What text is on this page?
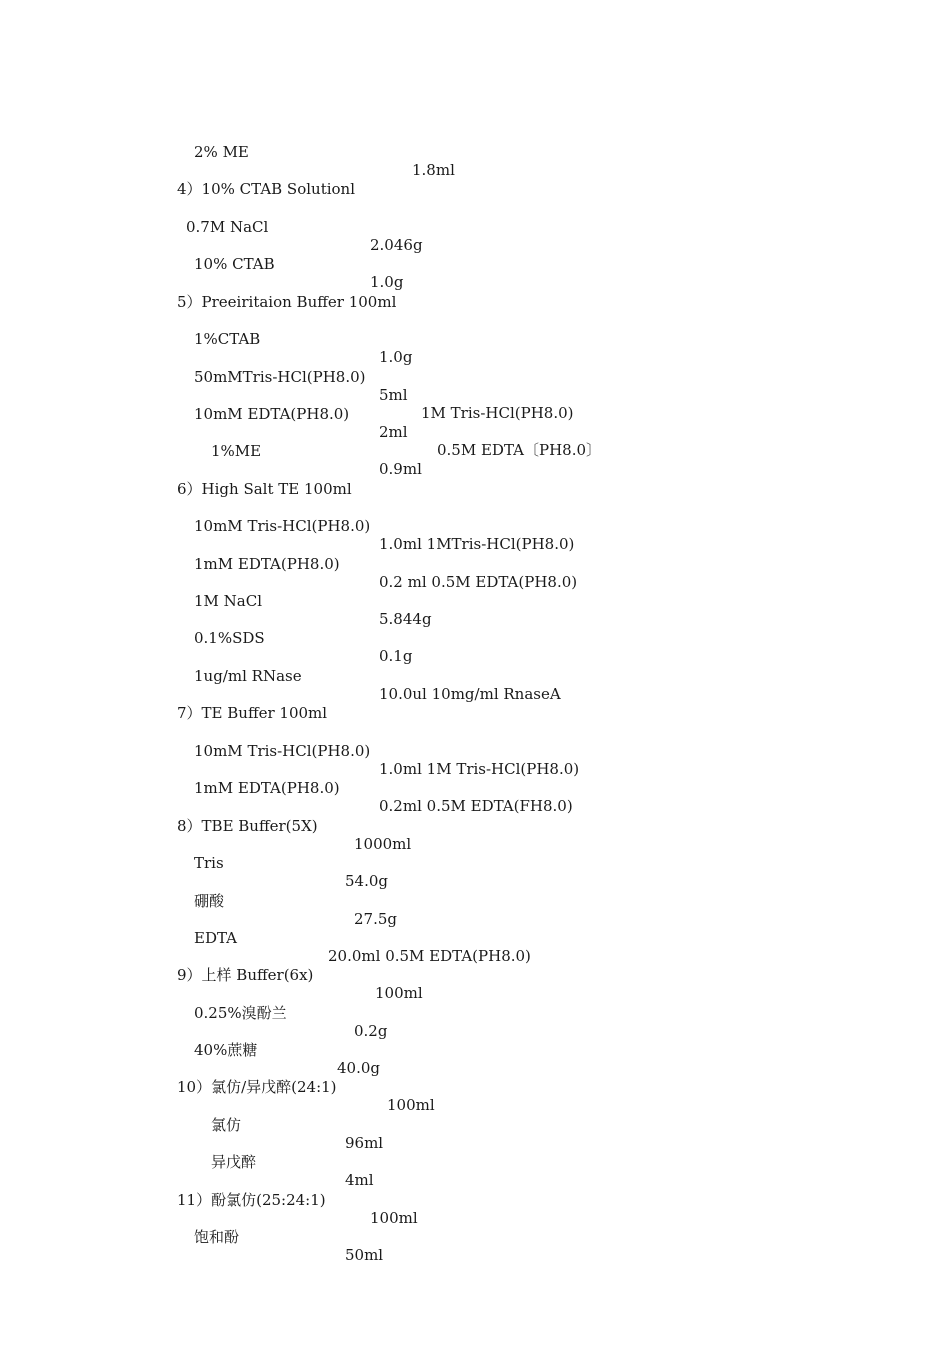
2% ME

1.8ml

4）10% CTAB Solutionl

0.7M NaCl

2.046g

10% CTAB

1.0g

5）Preeiritaion Buffer 100ml

1%CTAB

1.0g

50mMTris-HCl(PH8.0)

5ml

1M Tris-HCl(PH8.0)

10mM EDTA(PH8.0)

2ml

0.5M EDTA〔PH8.0〕

1%ME

0.9ml

6）High Salt TE 100ml

10mM Tris-HCl(PH8.0)

1.0ml 1MTris-HCl(PH8.0)

1mM EDTA(PH8.0)

0.2 ml 0.5M EDTA(PH8.0)

1M NaCl

5.844g

0.1%SDS

0.1g

1ug/ml RNase

10.0ul 10mg/ml RnaseA

7）TE Buffer 100ml

10mM Tris-HCl(PH8.0)

1.0ml 1M Tris-HCl(PH8.0)

1mM EDTA(PH8.0)

0.2ml 0.5M EDTA(FH8.0)

8）TBE Buffer(5X)

1000ml

Tris

54.0g

硼酸

27.5g

EDTA

20.0ml 0.5M EDTA(PH8.0)

9）上样 Buffer(6x)

100ml

0.25%溴酚兰

0.2g

40%蔗糖

40.0g

10）氯仿/异戊醉(24:1)

100ml

氯仿

96ml

异戊醉

4ml

11）酚氯仿(25:24:1)

100ml

饱和酚

50ml
